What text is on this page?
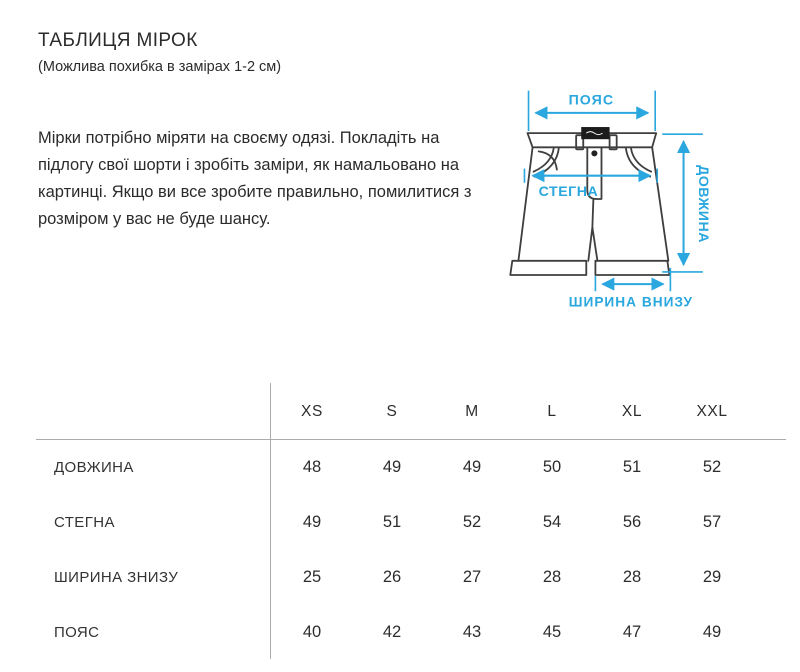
ТАБЛИЦЯ МІРОК

(Можлива похибка в замірах 1-2 см)

Мірки потрібно міряти на своєму одязі. Покладіть на підлогу свої шорти і зробіть заміри, як намальовано на картинці. Якщо ви все зробите правильно, помилитися з розміром у вас не буде шансу.

ПОЯС
СТЕГНА	ДОВЖИНА
ШИРИНА ВНИЗУ
XS	S	M	L	XL	XXL
ДОВЖИНА	48	49	49	50	51	52
СТЕГНА	49	51	52	54	56	57
ШИРИНА ЗНИЗУ	25	26	27	28	28	29
ПОЯС	40	42	43	45	47	49
